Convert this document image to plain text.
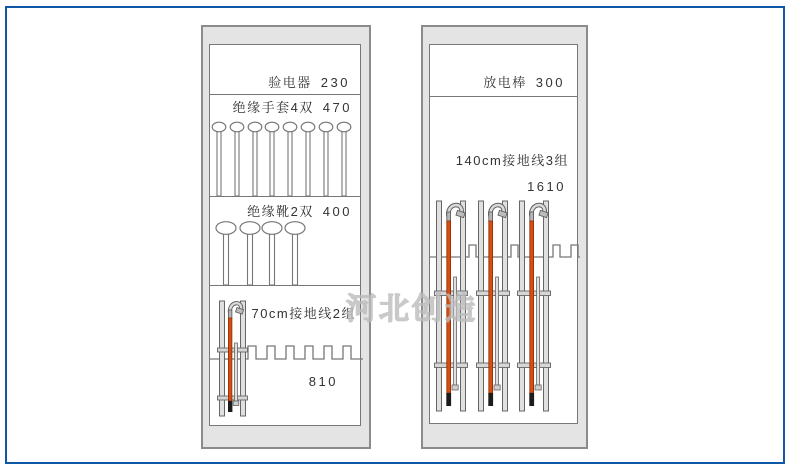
验电器 230
绝缘手套4双 470
绝缘靴2双 400
70cm接地线2组
810
放电棒 300
140cm接地线3组
1610
河北创造
